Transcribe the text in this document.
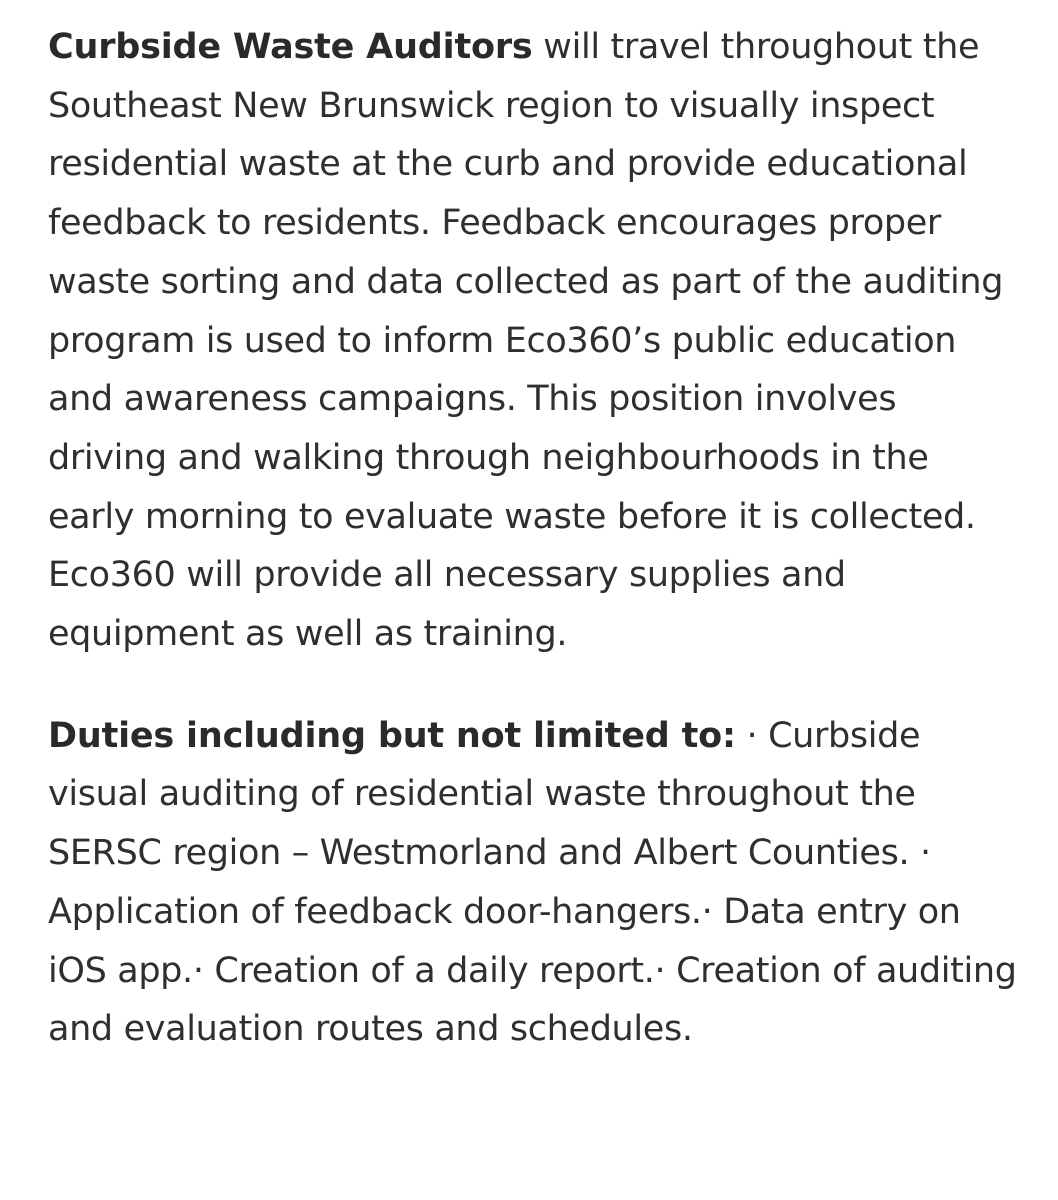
Curbside Waste Auditors will travel throughout the Southeast New Brunswick region to visually inspect residential waste at the curb and provide educational feedback to residents. Feedback encourages proper waste sorting and data collected as part of the auditing program is used to inform Eco360’s public education and awareness campaigns. This position involves driving and walking through neighbourhoods in the early morning to evaluate waste before it is collected. Eco360 will provide all necessary supplies and equipment as well as training.

Duties including but not limited to: · Curbside visual auditing of residential waste throughout the SERSC region – Westmorland and Albert Counties. · Application of feedback door-hangers.· Data entry on iOS app.· Creation of a daily report.· Creation of auditing and evaluation routes and schedules.
